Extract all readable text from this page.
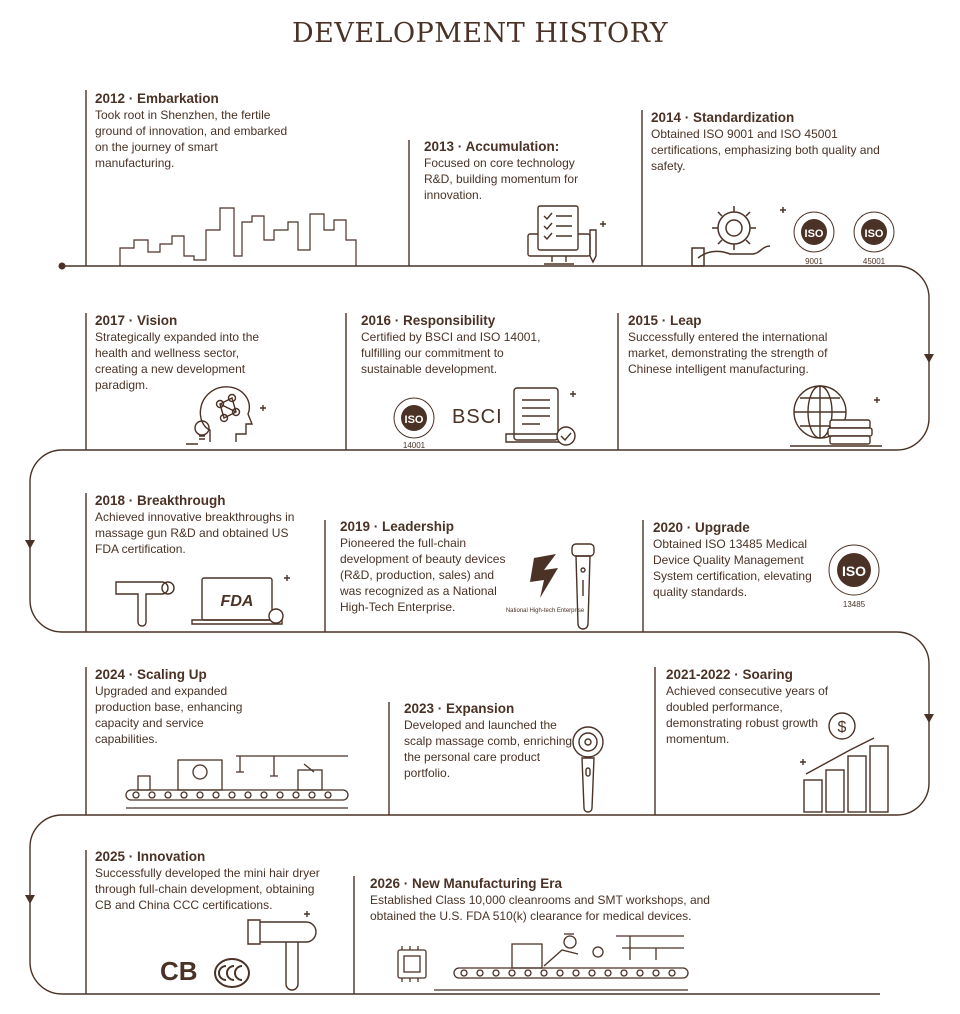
DEVELOPMENT HISTORY
2012 · Embarkation
Took root in Shenzhen, the fertile ground of innovation, and embarked on the journey of smart manufacturing.
2013 · Accumulation:
Focused on core technology R&D, building momentum for innovation.
2014 · Standardization
Obtained ISO 9001 and ISO 45001 certifications, emphasizing both quality and safety.
2015 · Leap
Successfully entered the international market, demonstrating the strength of Chinese intelligent manufacturing.
2016 · Responsibility
Certified by BSCI and ISO 14001, fulfilling our commitment to sustainable development.
2017 · Vision
Strategically expanded into the health and wellness sector, creating a new development paradigm.
2018 · Breakthrough
Achieved innovative breakthroughs in massage gun R&D and obtained US FDA certification.
2019 · Leadership
Pioneered the full-chain development of beauty devices (R&D, production, sales) and was recognized as a National High-Tech Enterprise.
2020 · Upgrade
Obtained ISO 13485 Medical Device Quality Management System certification, elevating quality standards.
2021-2022 · Soaring
Achieved consecutive years of doubled performance, demonstrating robust growth momentum.
2023 · Expansion
Developed and launched the scalp massage comb, enriching the personal care product portfolio.
2024 · Scaling Up
Upgraded and expanded production base, enhancing capacity and service capabilities.
2025 · Innovation
Successfully developed the mini hair dryer through full-chain development, obtaining CB and China CCC certifications.
2026 · New Manufacturing Era
Established Class 10,000 cleanrooms and SMT workshops, and obtained the U.S. FDA 510(k) clearance for medical devices.
ISO
9001
ISO
45001
ISO
14001
BSCI
FDA
National High-tech Enterprise
ISO
13485
$
CB
